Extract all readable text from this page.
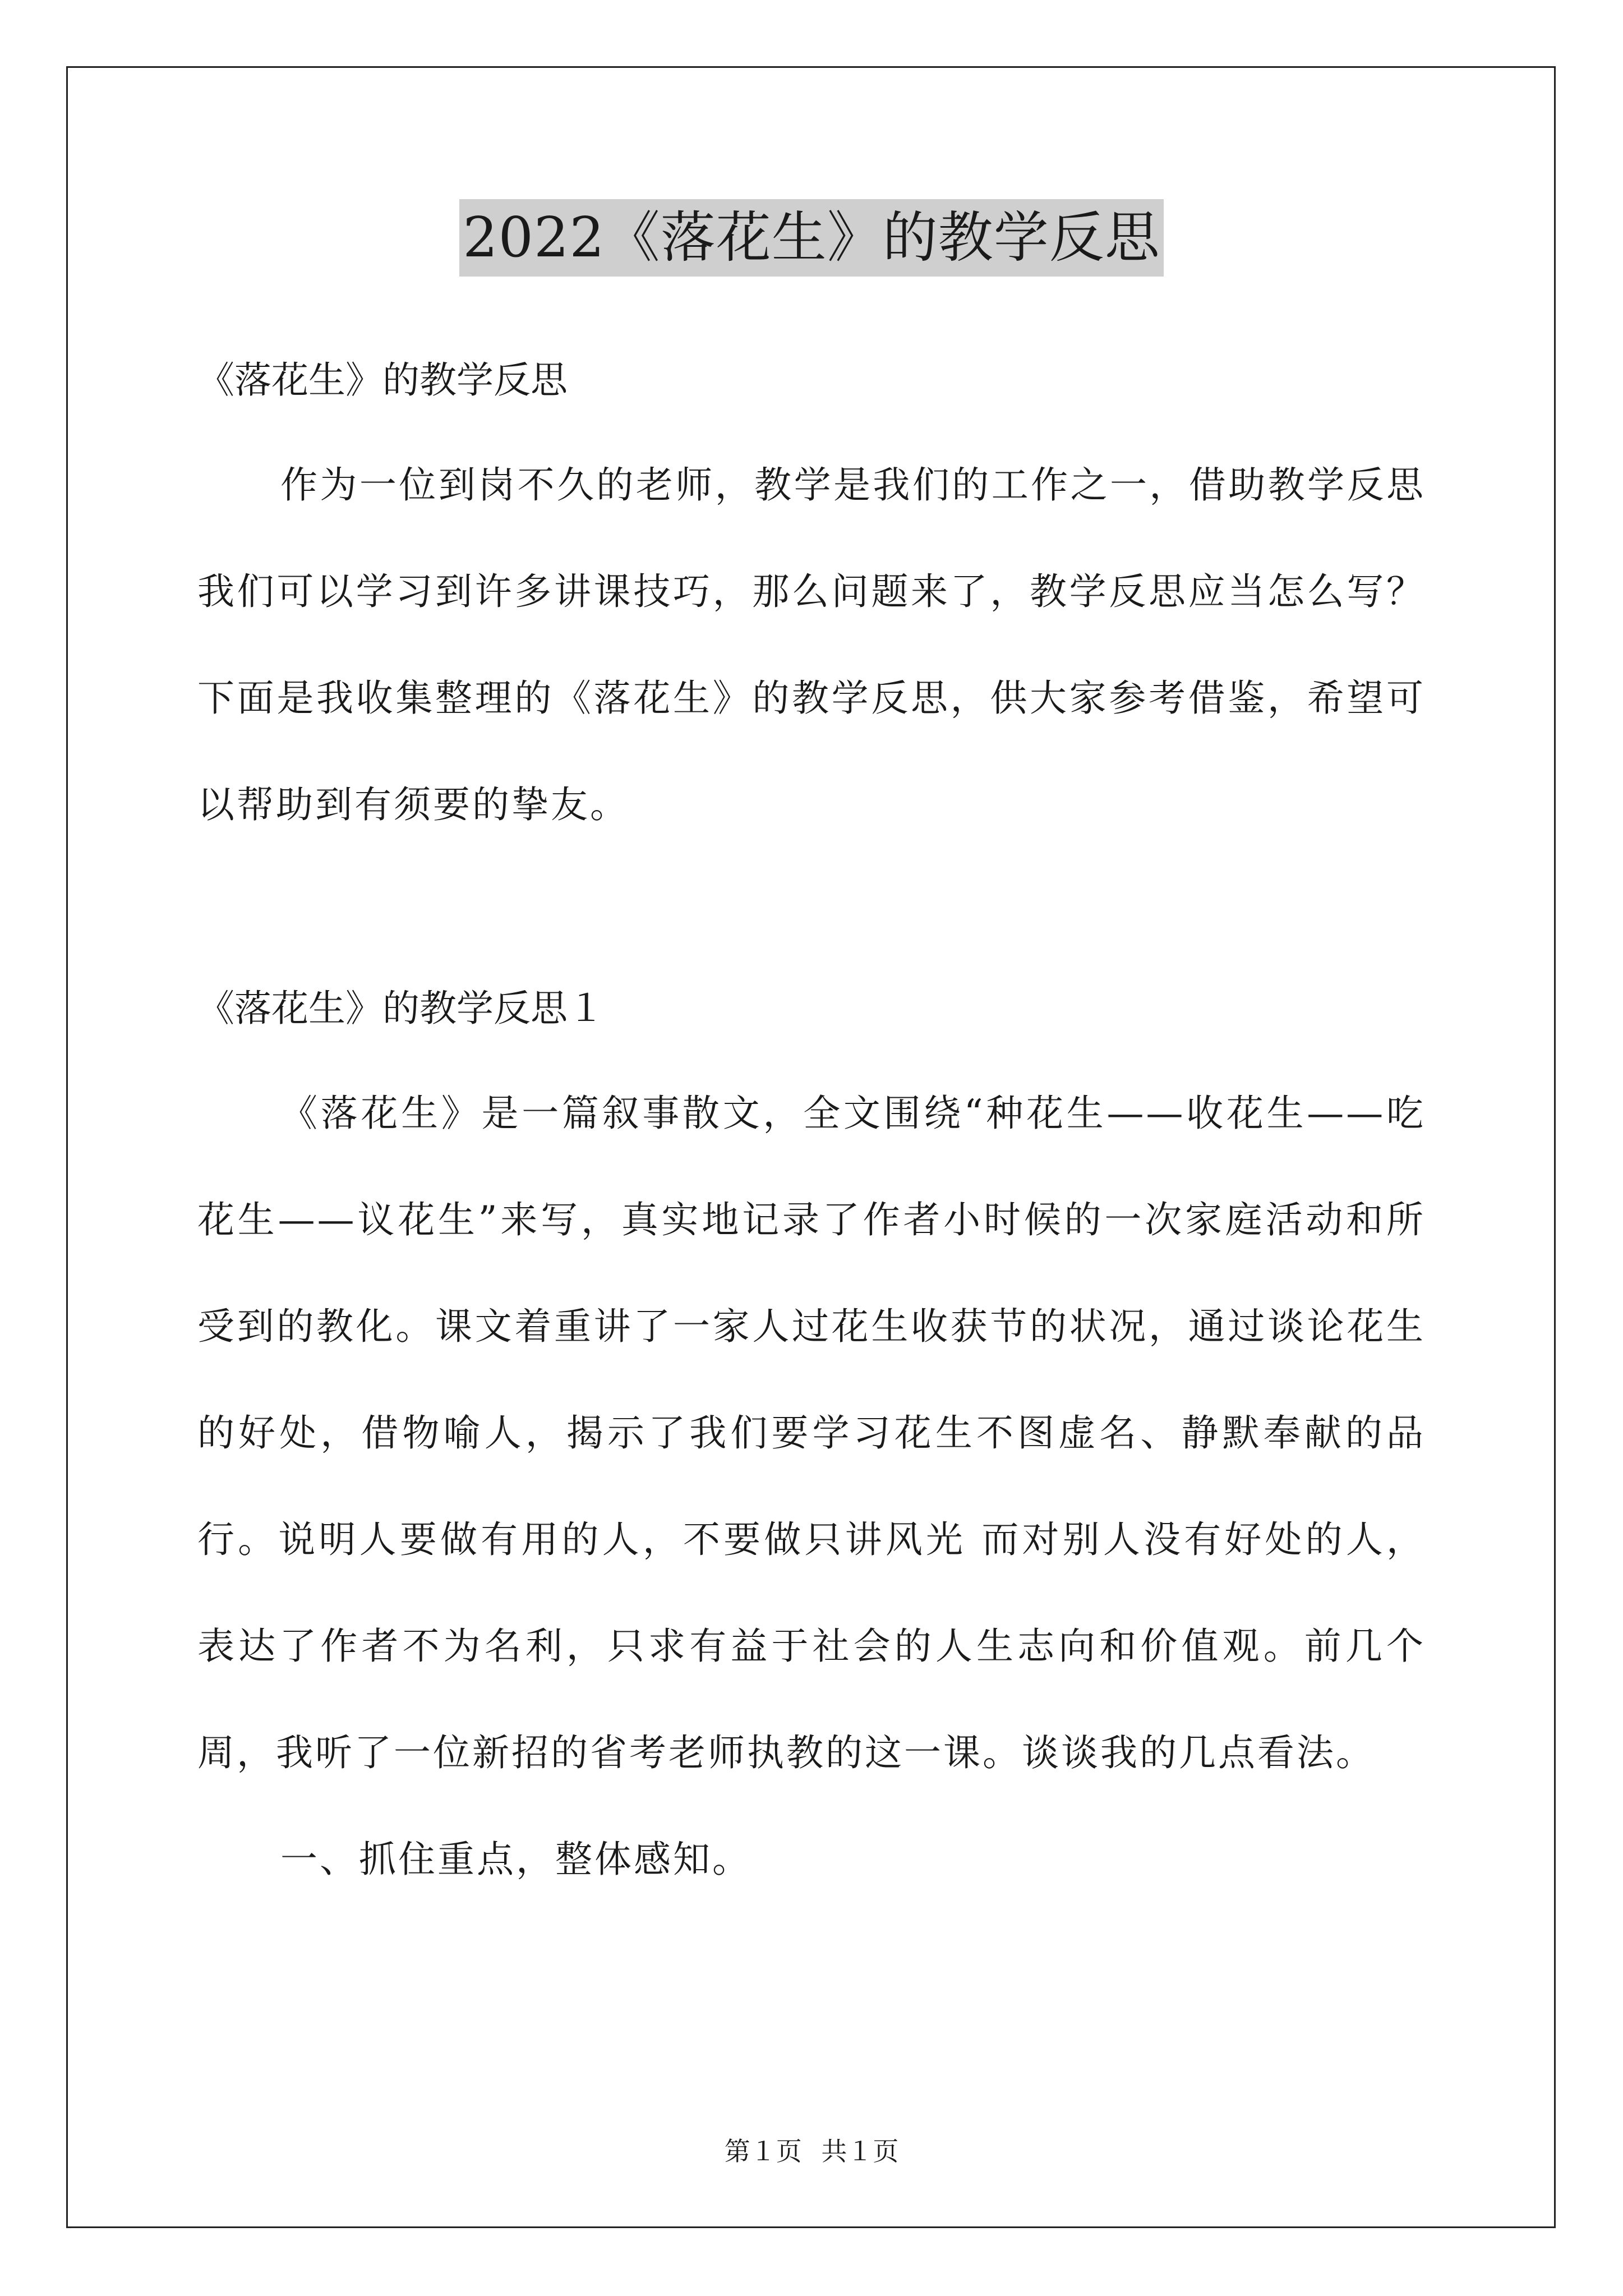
2022《落花生》的教学反思

《落花生》的教学反思

作为一位到岗不久的老师，教学是我们的工作之一，借助教学反思我们可以学习到许多讲课技巧，那么问题来了，教学反思应当怎么写？下面是我收集整理的《落花生》的教学反思，供大家参考借鉴，希望可以帮助到有须要的挚友。

《落花生》的教学反思１

《落花生》是一篇叙事散文，全文围绕“种花生——收花生——吃花生——议花生”来写，真实地记录了作者小时候的一次家庭活动和所受到的教化。课文着重讲了一家人过花生收获节的状况，通过谈论花生的好处，借物喻人，揭示了我们要学习花生不图虚名、静默奉献的品行。说明人要做有用的人，不要做只讲风光 而对别人没有好处的人，表达了作者不为名利，只求有益于社会的人生志向和价值观。前几个周，我听了一位新招的省考老师执教的这一课。谈谈我的几点看法。

一、抓住重点，整体感知。

第１页 共１页
